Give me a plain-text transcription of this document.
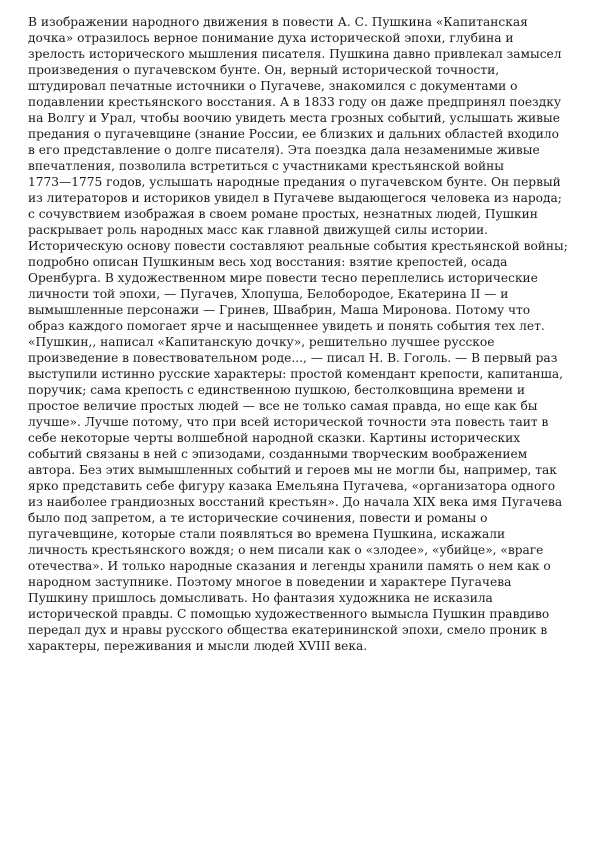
В изображении народного движения в повести А. С. Пушкина «Капитанская
дочка» отразилось верное понимание духа исторической эпохи, глубина и
зрелость исторического мышления писателя. Пушкина давно привлекал замысел
произведения о пугачевском бунте. Он, верный исторической точности,
штудировал печатные источники о Пугачеве, знакомился с документами о
подавлении крестьянского восстания. А в 1833 году он даже предпринял поездку
на Волгу и Урал, чтобы воочию увидеть места грозных событий, услышать живые
предания о пугачевщине (знание России, ее близких и дальних областей входило
в его представление о долге писателя). Эта поездка дала незаменимые живые
впечатления, позволила встретиться с участниками крестьянской войны
1773—1775 годов, услышать народные предания о пугачевском бунте. Он первый
из литераторов и историков увидел в Пугачеве выдающегося человека из народа;
с сочувствием изображая в своем романе простых, незнатных людей, Пушкин
раскрывает роль народных масс как главной движущей силы истории.
Историческую основу повести составляют реальные события крестьянской войны;
подробно описан Пушкиным весь ход восстания: взятие крепостей, осада
Оренбурга. В художественном мире повести тесно переплелись исторические
личности той эпохи, — Пугачев, Хлопуша, Белобородое, Екатерина II — и
вымышленные персонажи — Гринев, Швабрин, Маша Миронова. Потому что
образ каждого помогает ярче и насыщеннее увидеть и понять события тех лет.
«Пушкин,, написал «Капитанскую дочку», решительно лучшее русское
произведение в повествовательном роде..., — писал Н. В. Гоголь. — В первый раз
выступили истинно русские характеры: простой комендант крепости, капитанша,
поручик; сама крепость с единственною пушкою, бестолковщина времени и
простое величие простых людей — все не только самая правда, но еще как бы
лучше». Лучше потому, что при всей исторической точности эта повесть таит в
себе некоторые черты волшебной народной сказки. Картины исторических
событий связаны в ней с эпизодами, созданными творческим воображением
автора. Без этих вымышленных событий и героев мы не могли бы, например, так
ярко представить себе фигуру казака Емельяна Пугачева, «организатора одного
из наиболее грандиозных восстаний крестьян». До начала XIX века имя Пугачева
было под запретом, а те исторические сочинения, повести и романы о
пугачевщине, которые стали появляться во времена Пушкина, искажали
личность крестьянского вождя; о нем писали как о «злодее», «убийце», «враге
отечества». И только народные сказания и легенды хранили память о нем как о
народном заступнике. Поэтому многое в поведении и характере Пугачева
Пушкину пришлось домысливать. Но фантазия художника не исказила
исторической правды. С помощью художественного вымысла Пушкин правдиво
передал дух и нравы русского общества екатерининской эпохи, смело проник в
характеры, переживания и мысли людей XVIII века.
